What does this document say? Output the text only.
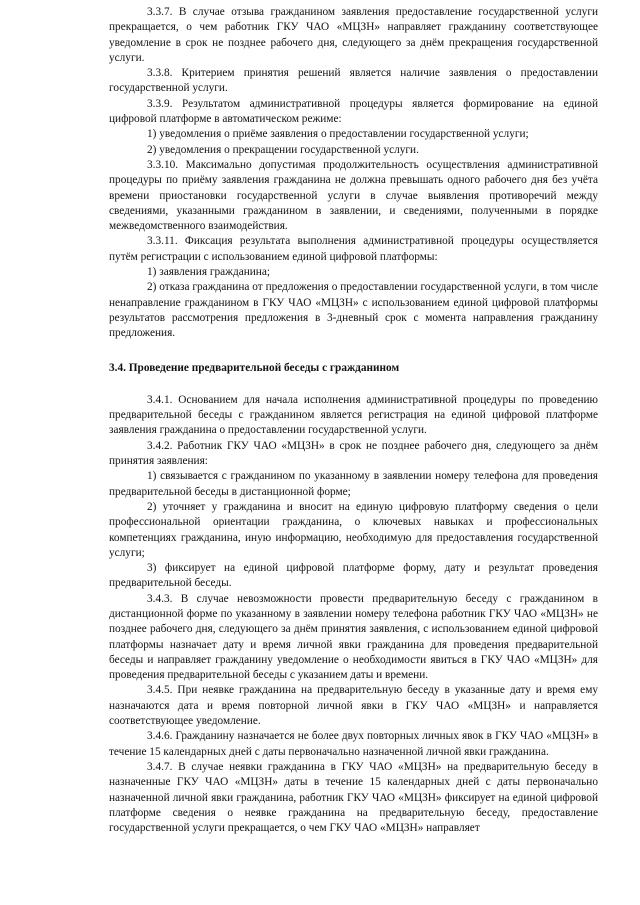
3.3.7. В случае отзыва гражданином заявления предоставление государственной услуги прекращается, о чем работник ГКУ ЧАО «МЦЗН» направляет гражданину соответствующее уведомление в срок не позднее рабочего дня, следующего за днём прекращения государственной услуги.

3.3.8. Критерием принятия решений является наличие заявления о предоставлении государственной услуги.

3.3.9. Результатом административной процедуры является формирование на единой цифровой платформе в автоматическом режиме:

1) уведомления о приёме заявления о предоставлении государственной услуги;

2) уведомления о прекращении государственной услуги.

3.3.10. Максимально допустимая продолжительность осуществления административной процедуры по приёму заявления гражданина не должна превышать одного рабочего дня без учёта времени приостановки государственной услуги в случае выявления противоречий между сведениями, указанными гражданином в заявлении, и сведениями, полученными в порядке межведомственного взаимодействия.

3.3.11. Фиксация результата выполнения административной процедуры осуществляется путём регистрации с использованием единой цифровой платформы:

1) заявления гражданина;

2) отказа гражданина от предложения о предоставлении государственной услуги, в том числе ненаправление гражданином в ГКУ ЧАО «МЦЗН» с использованием единой цифровой платформы результатов рассмотрения предложения в 3-дневный срок с момента направления гражданину предложения.

3.4. Проведение предварительной беседы с гражданином

3.4.1. Основанием для начала исполнения административной процедуры по проведению предварительной беседы с гражданином является регистрация на единой цифровой платформе заявления гражданина о предоставлении государственной услуги.

3.4.2. Работник ГКУ ЧАО «МЦЗН» в срок не позднее рабочего дня, следующего за днём принятия заявления:

1) связывается с гражданином по указанному в заявлении номеру телефона для проведения предварительной беседы в дистанционной форме;

2) уточняет у гражданина и вносит на единую цифровую платформу сведения о цели профессиональной ориентации гражданина, о ключевых навыках и профессиональных компетенциях гражданина, иную информацию, необходимую для предоставления государственной услуги;

3) фиксирует на единой цифровой платформе форму, дату и результат проведения предварительной беседы.

3.4.3. В случае невозможности провести предварительную беседу с гражданином в дистанционной форме по указанному в заявлении номеру телефона работник ГКУ ЧАО «МЦЗН» не позднее рабочего дня, следующего за днём принятия заявления, с использованием единой цифровой платформы назначает дату и время личной явки гражданина для проведения предварительной беседы и направляет гражданину уведомление о необходимости явиться в ГКУ ЧАО «МЦЗН» для проведения предварительной беседы с указанием даты и времени.

3.4.5. При неявке гражданина на предварительную беседу в указанные дату и время ему назначаются дата и время повторной личной явки в ГКУ ЧАО «МЦЗН» и направляется соответствующее уведомление.

3.4.6. Гражданину назначается не более двух повторных личных явок в ГКУ ЧАО «МЦЗН» в течение 15 календарных дней с даты первоначально назначенной личной явки гражданина.

3.4.7. В случае неявки гражданина в ГКУ ЧАО «МЦЗН» на предварительную беседу в назначенные ГКУ ЧАО «МЦЗН» даты в течение 15 календарных дней с даты первоначально назначенной личной явки гражданина, работник ГКУ ЧАО «МЦЗН» фиксирует на единой цифровой платформе сведения о неявке гражданина на предварительную беседу, предоставление государственной услуги прекращается, о чем ГКУ ЧАО «МЦЗН» направляет
